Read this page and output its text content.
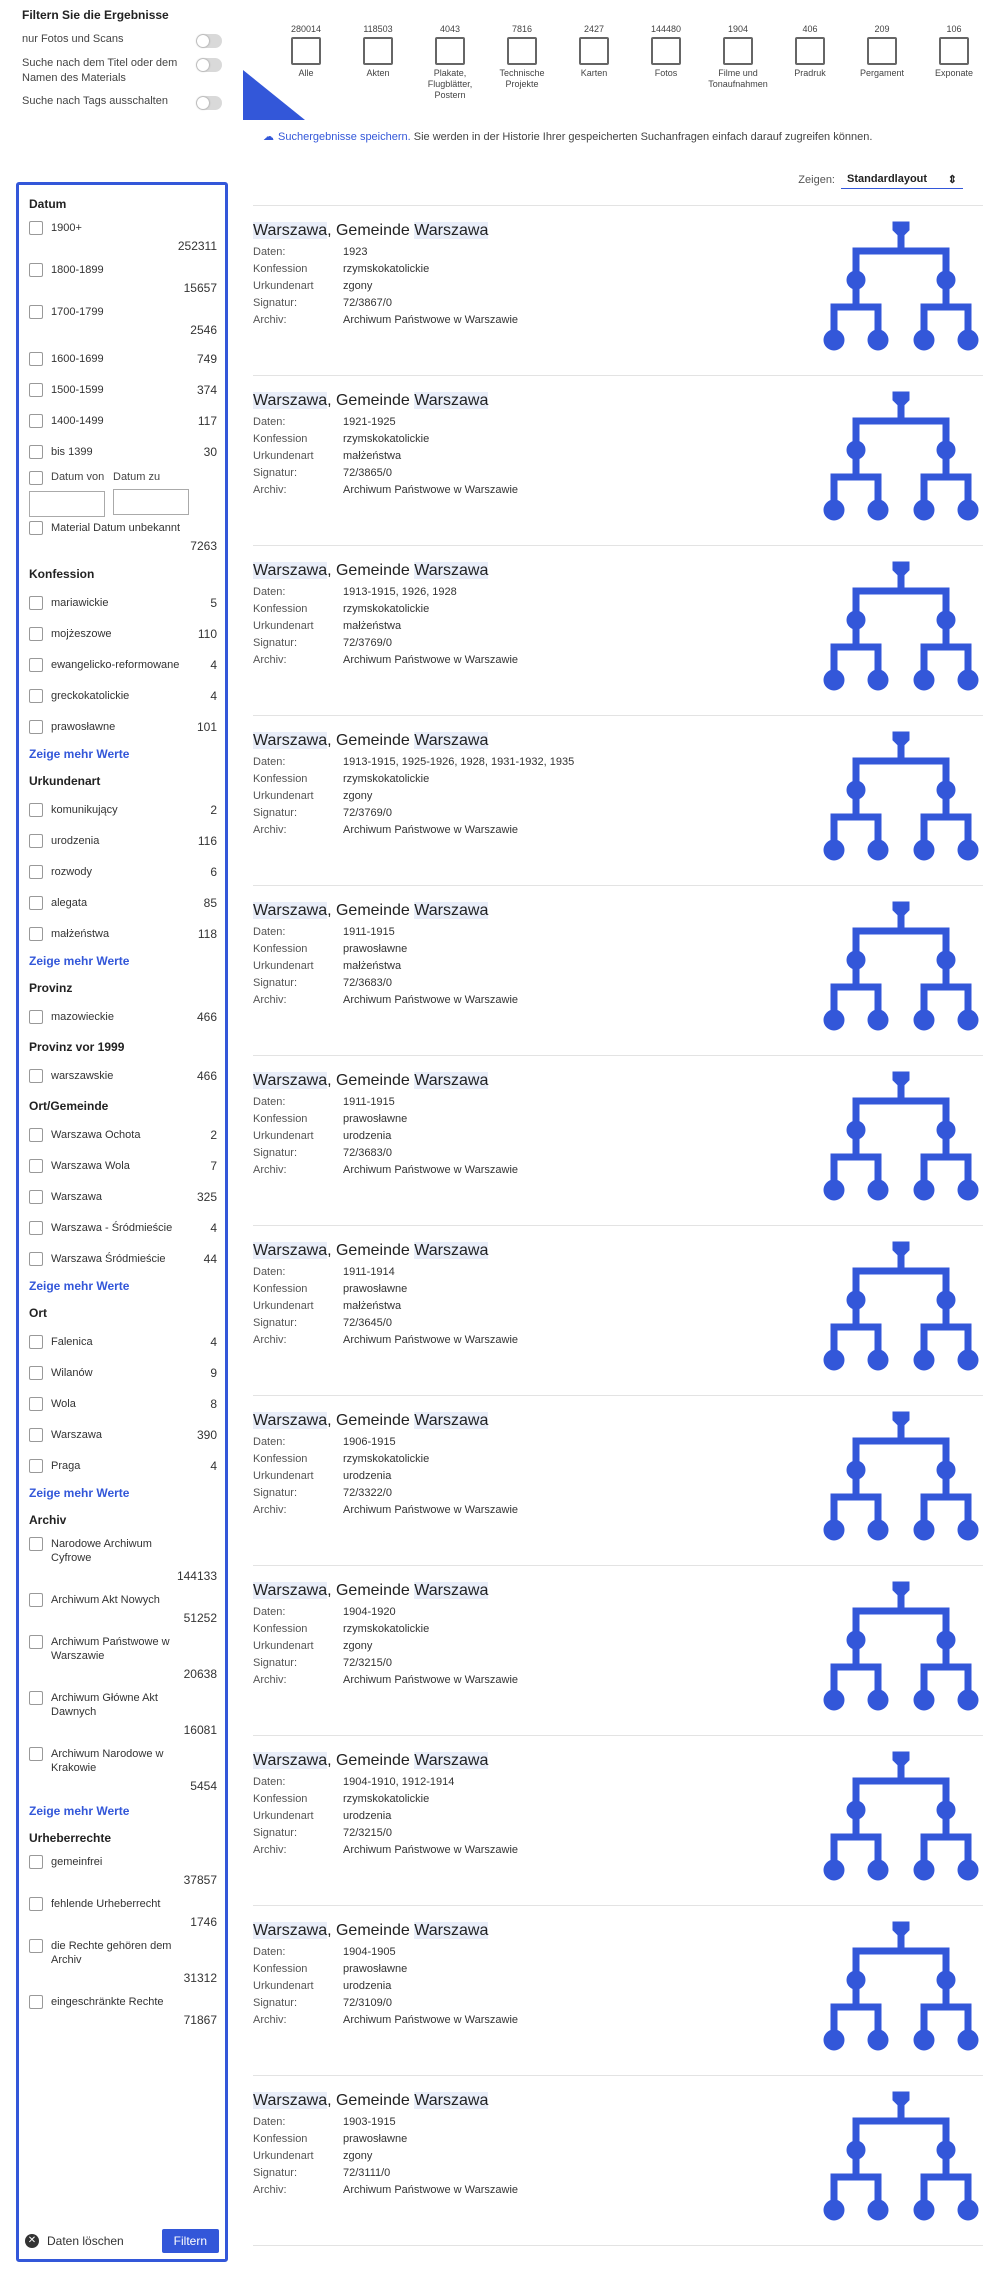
Filtern Sie die Ergebnisse
nur Fotos und Scans
Suche nach dem Titel oder dem Namen des Materials
Suche nach Tags ausschalten
Datum
1900+
252311
1800-1899
15657
1700-1799
2546
1600-1699	749
1500-1599	374
1400-1499	117
bis 1399	30
Datum von Datum zu
Material Datum unbekannt
7263
Konfession
mariawickie	5
mojżeszowe	110
ewangelicko-reformowane	4
greckokatolickie	4
prawosławne	101
Zeige mehr Werte
Urkundenart
komunikujący	2
urodzenia	116
rozwody	6
alegata	85
małżeństwa	118
Zeige mehr Werte
Provinz
mazowieckie	466
Provinz vor 1999
warszawskie	466
Ort/Gemeinde
Warszawa Ochota	2
Warszawa Wola	7
Warszawa	325
Warszawa - Śródmieście	4
Warszawa Śródmieście	44
Zeige mehr Werte
Ort
Falenica	4
Wilanów	9
Wola	8
Warszawa	390
Praga	4
Zeige mehr Werte
Archiv
Narodowe Archiwum Cyfrowe
144133
Archiwum Akt Nowych
51252
Archiwum Państwowe w Warszawie
20638
Archiwum Główne Akt Dawnych
16081
Archiwum Narodowe w Krakowie
5454
Zeige mehr Werte
Urheberrechte
gemeinfrei
37857
fehlende Urheberrecht
1746
die Rechte gehören dem Archiv
31312
eingeschränkte Rechte
71867
✕ Daten löschen	Filtern
280014
Alle
118503
Akten
4043
Plakate, Flugblätter, Postern
7816
Technische Projekte
2427
Karten
144480
Fotos
1904
Filme und Tonaufnahmen
406
Pradruk
209
Pergament
106
Exponate
☁ Suchergebnisse speichern. Sie werden in der Historie Ihrer gespeicherten Suchanfragen einfach darauf zugreifen können.
Zeigen: Standardlayout ⇕
Warszawa, Gemeinde Warszawa
Daten:	1923
Konfession	rzymskokatolickie
Urkundenart	zgony
Signatur:	72/3867/0
Archiv:	Archiwum Państwowe w Warszawie
Warszawa, Gemeinde Warszawa
Daten:	1921-1925
Konfession	rzymskokatolickie
Urkundenart	małżeństwa
Signatur:	72/3865/0
Archiv:	Archiwum Państwowe w Warszawie
Warszawa, Gemeinde Warszawa
Daten:	1913-1915, 1926, 1928
Konfession	rzymskokatolickie
Urkundenart	małżeństwa
Signatur:	72/3769/0
Archiv:	Archiwum Państwowe w Warszawie
Warszawa, Gemeinde Warszawa
Daten:	1913-1915, 1925-1926, 1928, 1931-1932, 1935
Konfession	rzymskokatolickie
Urkundenart	zgony
Signatur:	72/3769/0
Archiv:	Archiwum Państwowe w Warszawie
Warszawa, Gemeinde Warszawa
Daten:	1911-1915
Konfession	prawosławne
Urkundenart	małżeństwa
Signatur:	72/3683/0
Archiv:	Archiwum Państwowe w Warszawie
Warszawa, Gemeinde Warszawa
Daten:	1911-1915
Konfession	prawosławne
Urkundenart	urodzenia
Signatur:	72/3683/0
Archiv:	Archiwum Państwowe w Warszawie
Warszawa, Gemeinde Warszawa
Daten:	1911-1914
Konfession	prawosławne
Urkundenart	małżeństwa
Signatur:	72/3645/0
Archiv:	Archiwum Państwowe w Warszawie
Warszawa, Gemeinde Warszawa
Daten:	1906-1915
Konfession	rzymskokatolickie
Urkundenart	urodzenia
Signatur:	72/3322/0
Archiv:	Archiwum Państwowe w Warszawie
Warszawa, Gemeinde Warszawa
Daten:	1904-1920
Konfession	rzymskokatolickie
Urkundenart	zgony
Signatur:	72/3215/0
Archiv:	Archiwum Państwowe w Warszawie
Warszawa, Gemeinde Warszawa
Daten:	1904-1910, 1912-1914
Konfession	rzymskokatolickie
Urkundenart	urodzenia
Signatur:	72/3215/0
Archiv:	Archiwum Państwowe w Warszawie
Warszawa, Gemeinde Warszawa
Daten:	1904-1905
Konfession	prawosławne
Urkundenart	urodzenia
Signatur:	72/3109/0
Archiv:	Archiwum Państwowe w Warszawie
Warszawa, Gemeinde Warszawa
Daten:	1903-1915
Konfession	prawosławne
Urkundenart	zgony
Signatur:	72/3111/0
Archiv:	Archiwum Państwowe w Warszawie
